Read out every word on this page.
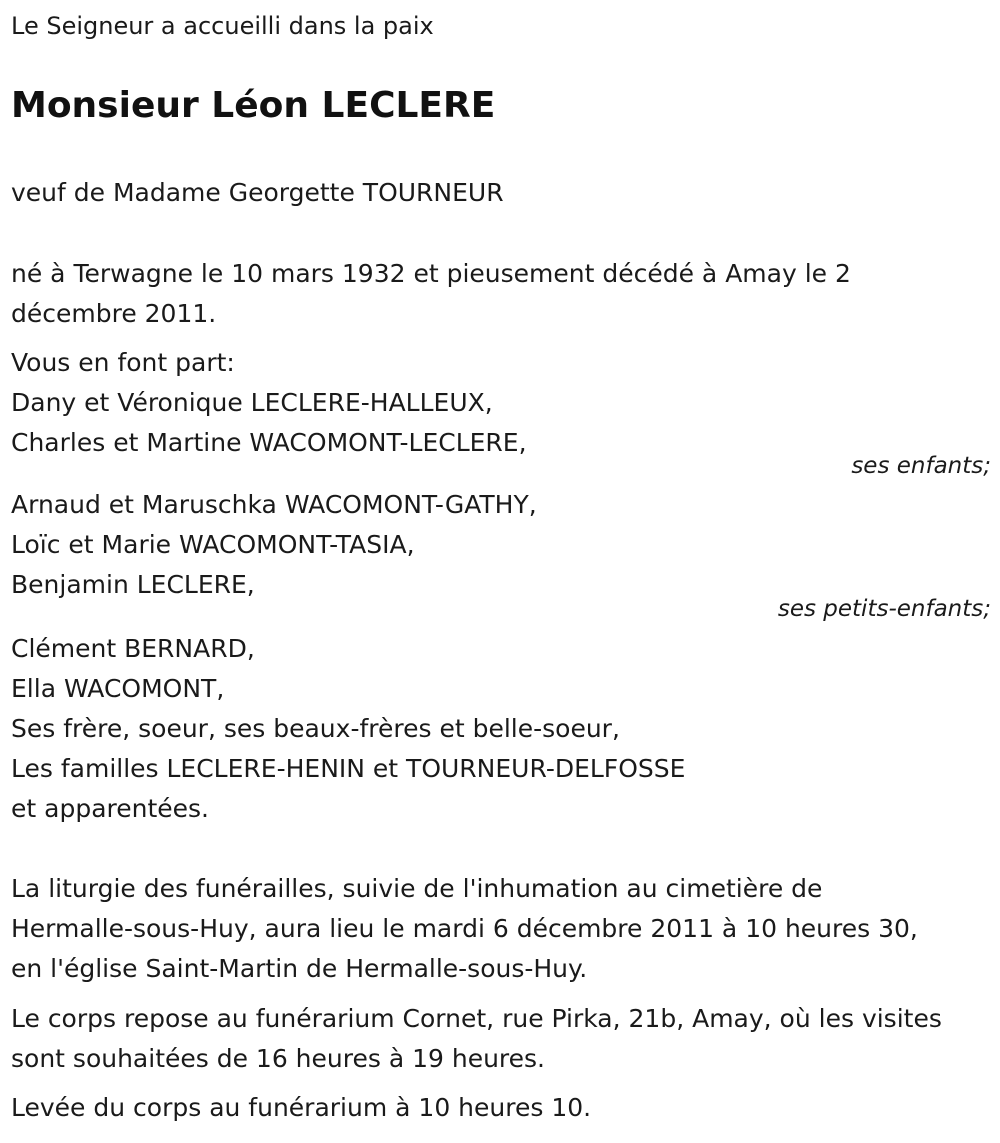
Le Seigneur a accueilli dans la paix
Monsieur Léon LECLERE
veuf de Madame Georgette TOURNEUR
né à Terwagne le 10 mars 1932 et pieusement décédé à Amay le 2
décembre 2011.
Vous en font part:
Dany et Véronique LECLERE-HALLEUX,
Charles et Martine WACOMONT-LECLERE,
ses enfants;
Arnaud et Maruschka WACOMONT-GATHY,
Loïc et Marie WACOMONT-TASIA,
Benjamin LECLERE,
ses petits-enfants;
Clément BERNARD,
Ella WACOMONT,
Ses frère, soeur, ses beaux-frères et belle-soeur,
Les familles LECLERE-HENIN et TOURNEUR-DELFOSSE
et apparentées.
La liturgie des funérailles, suivie de l'inhumation au cimetière de
Hermalle-sous-Huy, aura lieu le mardi 6 décembre 2011 à 10 heures 30,
en l'église Saint-Martin de Hermalle-sous-Huy.
Le corps repose au funérarium Cornet, rue Pirka, 21b, Amay, où les visites
sont souhaitées de 16 heures à 19 heures.
Levée du corps au funérarium à 10 heures 10.
